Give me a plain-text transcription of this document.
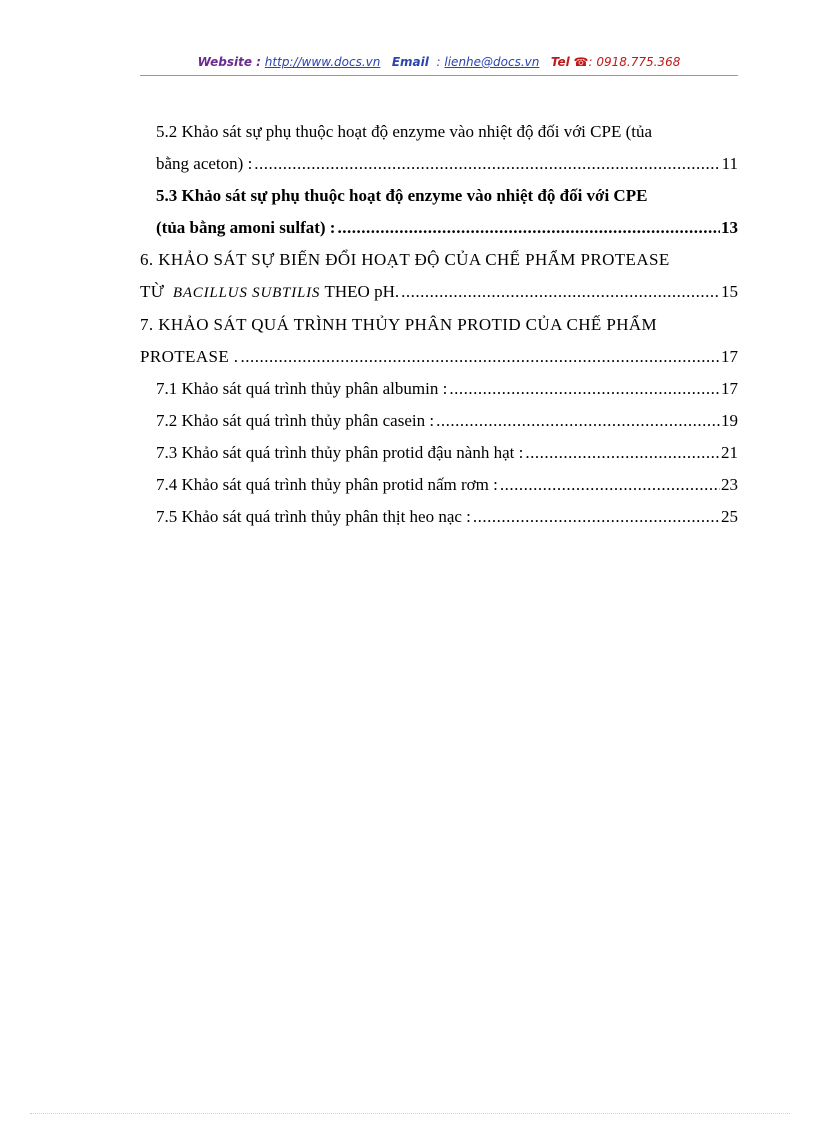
Website : http://www.docs.vn Email : lienhe@docs.vn Tel ☎: 0918.775.368
5.2 Khảo sát sự phụ thuộc hoạt độ enzyme vào nhiệt độ đối với CPE (tủa
bằng aceton) : .....	11
5.3 Khảo sát sự phụ thuộc hoạt độ enzyme vào nhiệt độ đối với CPE
(tủa bằng amoni sulfat) : .....	13
6. KHẢO SÁT SỰ BIẾN ĐỔI HOẠT ĐỘ CỦA CHẾ PHẨM PROTEASE
TỪ
BACILLUS SUBTILIS
THEO pH. .....	15
7. KHẢO SÁT QUÁ TRÌNH THỦY PHÂN PROTID CỦA CHẾ PHẨM
PROTEASE . .....	17
7.1 Khảo sát quá trình thủy phân albumin : .....	17
7.2 Khảo sát quá trình thủy phân casein : .....	19
7.3 Khảo sát quá trình thủy phân protid đậu nành hạt : .....	21
7.4 Khảo sát quá trình thủy phân protid nấm rơm : .....	23
7.5 Khảo sát quá trình thủy phân thịt heo nạc : .....	25
